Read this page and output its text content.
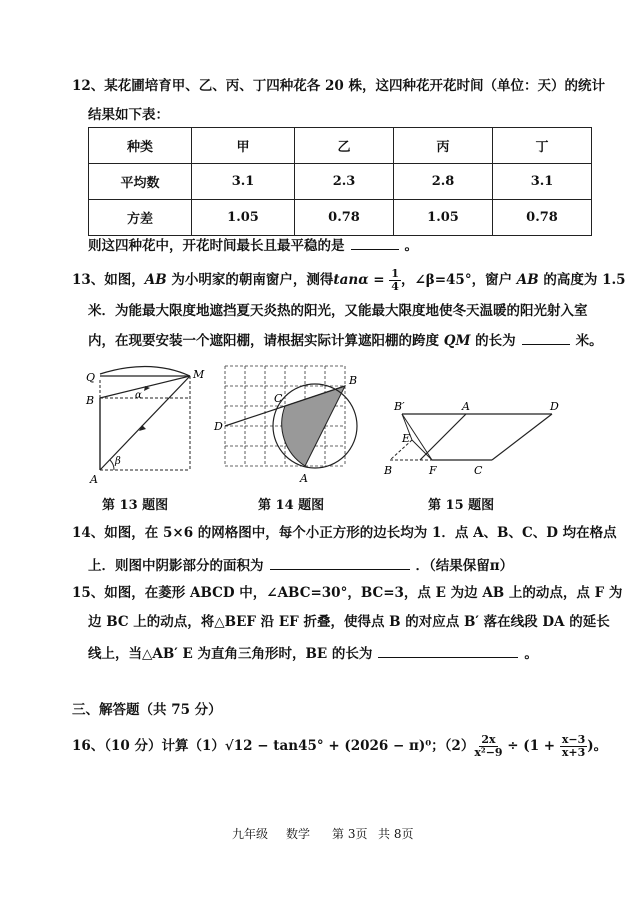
12、某花圃培育甲、乙、丙、丁四种花各 20 株，这四种花开花时间（单位：天）的统计
结果如下表：
种类	甲	乙	丙	丁
平均数	3.1	2.3	2.8	3.1
方差	1.05	0.78	1.05	0.78
则这四种花中，开花时间最长且最平稳的是	。
13、如图，AB 为小明家的朝南窗户，测得$\tan\alpha = \frac{1}{4}$ ，∠β=45°，窗户 AB 的高度为 1.5
米．为能最大限度地遮挡夏天炎热的阳光，又能最大限度地使冬天温暖的阳光射入室
内，在现要安装一个遮阳棚，请根据实际计算遮阳棚的跨度 QM 的长为	米。
Q	M
B
A
α
β
第 13 题图
D
C
B
A
第 14 题图
B′	A	D
E
B	F	C
第 15 题图
14、如图，在 5×6 的网格图中，每个小正方形的边长均为 1．点 A、B、C、D 均在格点
上．则图中阴影部分的面积为	．（结果保留π）
15、如图，在菱形 ABCD 中，∠ABC=30°，BC=3，点 E 为边 AB 上的动点，点 F 为
边 BC 上的动点，将△BEF 沿 EF 折叠，使得点 B 的对应点 B′ 落在线段 DA 的延长
线上，当△AB′ E 为直角三角形时，BE 的长为	。
三、解答题（共 75 分）
16、（10 分）计算（1）√12 − tan45° + (2026 − π)⁰；$(2) \frac{2x}{\text{x²−9}} \div (1 + \frac{x-3}{x+3}$ )。
九年级 数学 第 3页 共 8页
